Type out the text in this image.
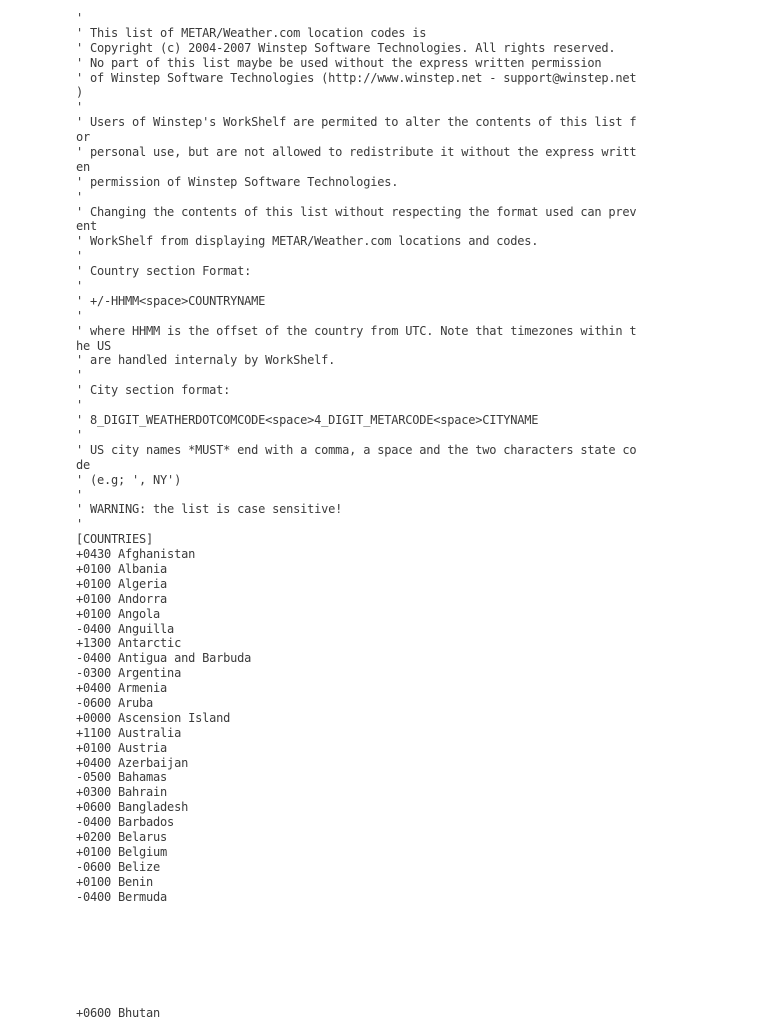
'
' This list of METAR/Weather.com location codes is
' Copyright (c) 2004-2007 Winstep Software Technologies. All rights reserved.
' No part of this list maybe be used without the express written permission
' of Winstep Software Technologies (http://www.winstep.net - support@winstep.net
)
'
' Users of Winstep's WorkShelf are permited to alter the contents of this list f
or
' personal use, but are not allowed to redistribute it without the express writt
en
' permission of Winstep Software Technologies.
'
' Changing the contents of this list without respecting the format used can prev
ent
' WorkShelf from displaying METAR/Weather.com locations and codes.
'
' Country section Format:
'
' +/-HHMM<space>COUNTRYNAME
'
' where HHMM is the offset of the country from UTC. Note that timezones within t
he US
' are handled internaly by WorkShelf.
'
' City section format:
'
' 8_DIGIT_WEATHERDOTCOMCODE<space>4_DIGIT_METARCODE<space>CITYNAME
'
' US city names *MUST* end with a comma, a space and the two characters state co
de
' (e.g; ', NY')
'
' WARNING: the list is case sensitive!
'
[COUNTRIES]
+0430 Afghanistan
+0100 Albania
+0100 Algeria
+0100 Andorra
+0100 Angola
-0400 Anguilla
+1300 Antarctic
-0400 Antigua and Barbuda
-0300 Argentina
+0400 Armenia
-0600 Aruba
+0000 Ascension Island
+1100 Australia
+0100 Austria
+0400 Azerbaijan
-0500 Bahamas
+0300 Bahrain
+0600 Bangladesh
-0400 Barbados
+0200 Belarus
+0100 Belgium
-0600 Belize
+0100 Benin
-0400 Bermuda
+0600 Bhutan
